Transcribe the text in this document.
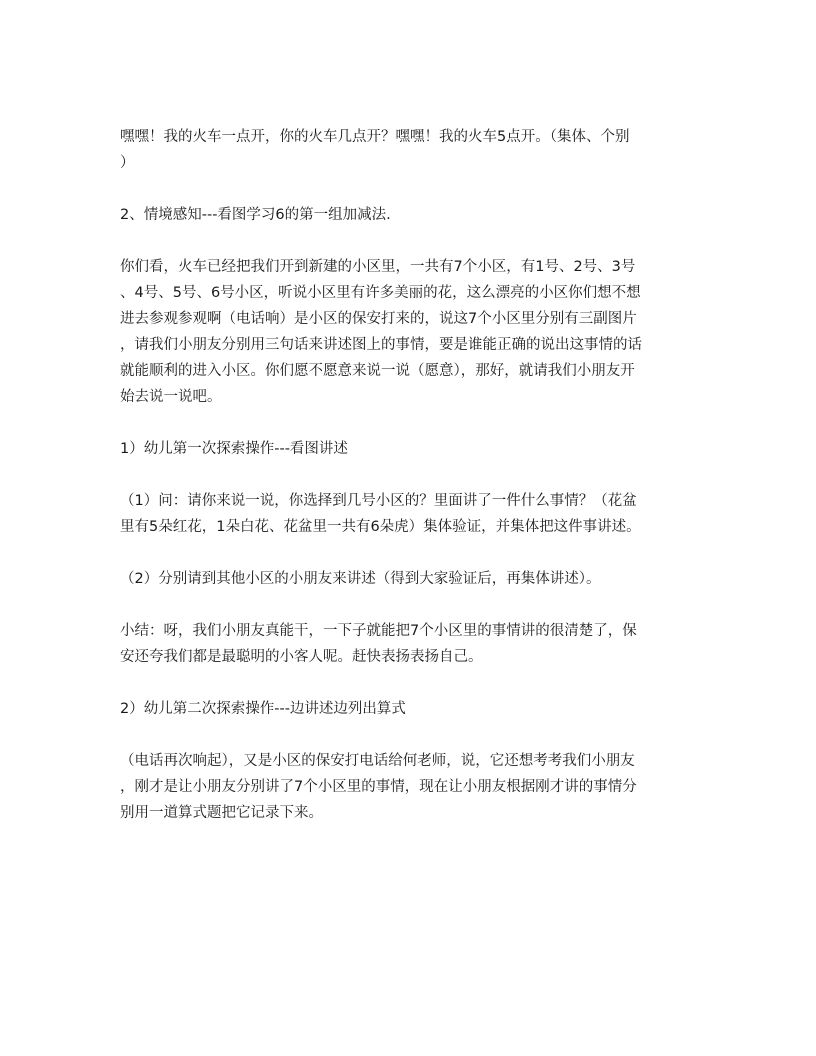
嘿嘿！我的火车一点开，你的火车几点开？嘿嘿！我的火车5点开。（集体、个别
）

2、情境感知---看图学习6的第一组加减法.

你们看，火车已经把我们开到新建的小区里，一共有7个小区，有1号、2号、3号
、4号、5号、6号小区，听说小区里有许多美丽的花，这么漂亮的小区你们想不想
进去参观参观啊（电话响）是小区的保安打来的，说这7个小区里分别有三副图片
，请我们小朋友分别用三句话来讲述图上的事情，要是谁能正确的说出这事情的话
就能顺利的进入小区。你们愿不愿意来说一说（愿意），那好，就请我们小朋友开
始去说一说吧。

1）幼儿第一次探索操作---看图讲述

（1）问：请你来说一说，你选择到几号小区的？里面讲了一件什么事情？（花盆
里有5朵红花，1朵白花、花盆里一共有6朵虎）集体验证，并集体把这件事讲述。

（2）分别请到其他小区的小朋友来讲述（得到大家验证后，再集体讲述）。

小结：呀，我们小朋友真能干，一下子就能把7个小区里的事情讲的很清楚了，保
安还夸我们都是最聪明的小客人呢。赶快表扬表扬自己。

2）幼儿第二次探索操作---边讲述边列出算式

（电话再次响起），又是小区的保安打电话给何老师，说，它还想考考我们小朋友
，刚才是让小朋友分别讲了7个小区里的事情，现在让小朋友根据刚才讲的事情分
别用一道算式题把它记录下来。
